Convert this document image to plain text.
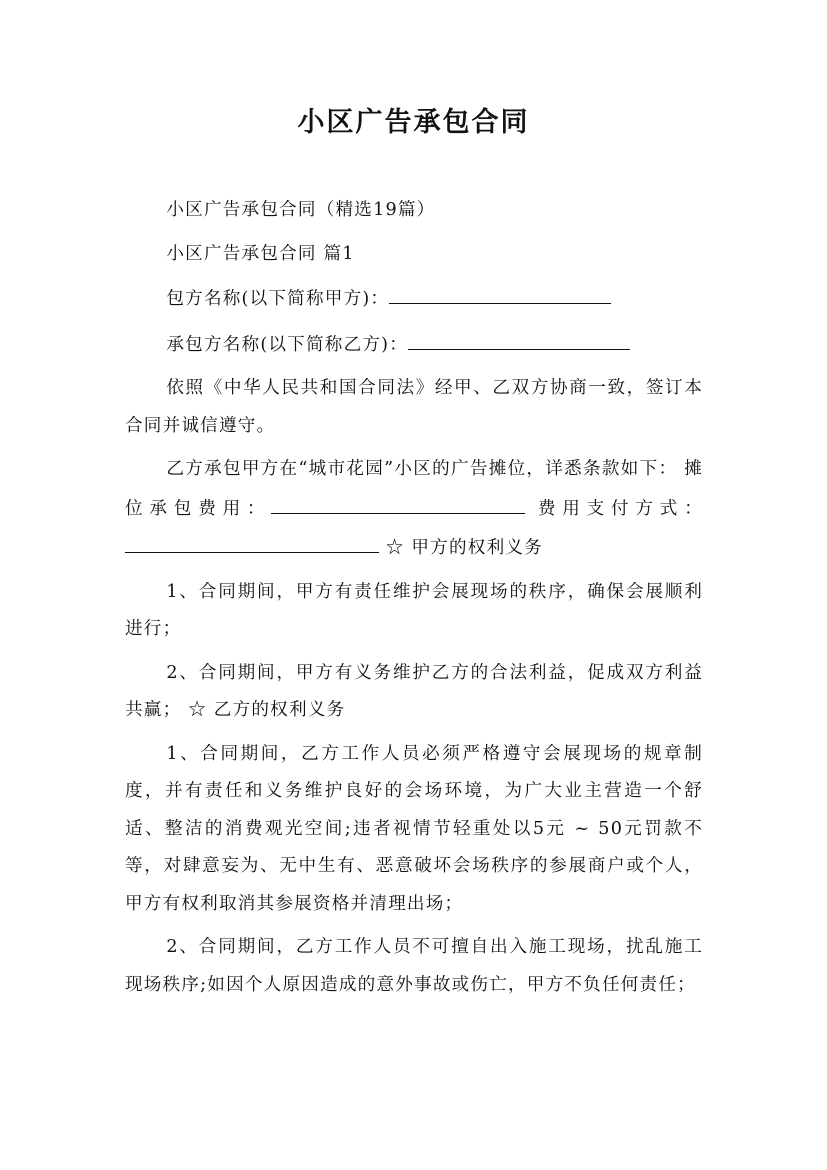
小区广告承包合同

小区广告承包合同（精选19篇）

小区广告承包合同 篇1

包方名称(以下简称甲方)：

承包方名称(以下简称乙方)：

依照《中华人民共和国合同法》经甲、乙双方协商一致，签订本合同并诚信遵守。

乙方承包甲方在“城市花园”小区的广告摊位，详悉条款如下： 摊位承包费用：	费用支付方式： ☆ 甲方的权利义务

1、合同期间，甲方有责任维护会展现场的秩序，确保会展顺利进行；

2、合同期间，甲方有义务维护乙方的合法利益，促成双方利益共赢； ☆ 乙方的权利义务

1、合同期间，乙方工作人员必须严格遵守会展现场的规章制度，并有责任和义务维护良好的会场环境，为广大业主营造一个舒适、整洁的消费观光空间;违者视情节轻重处以5元 ~ 50元罚款不等，对肆意妄为、无中生有、恶意破坏会场秩序的参展商户或个人，甲方有权利取消其参展资格并清理出场；

2、合同期间，乙方工作人员不可擅自出入施工现场，扰乱施工现场秩序;如因个人原因造成的意外事故或伤亡，甲方不负任何责任；
